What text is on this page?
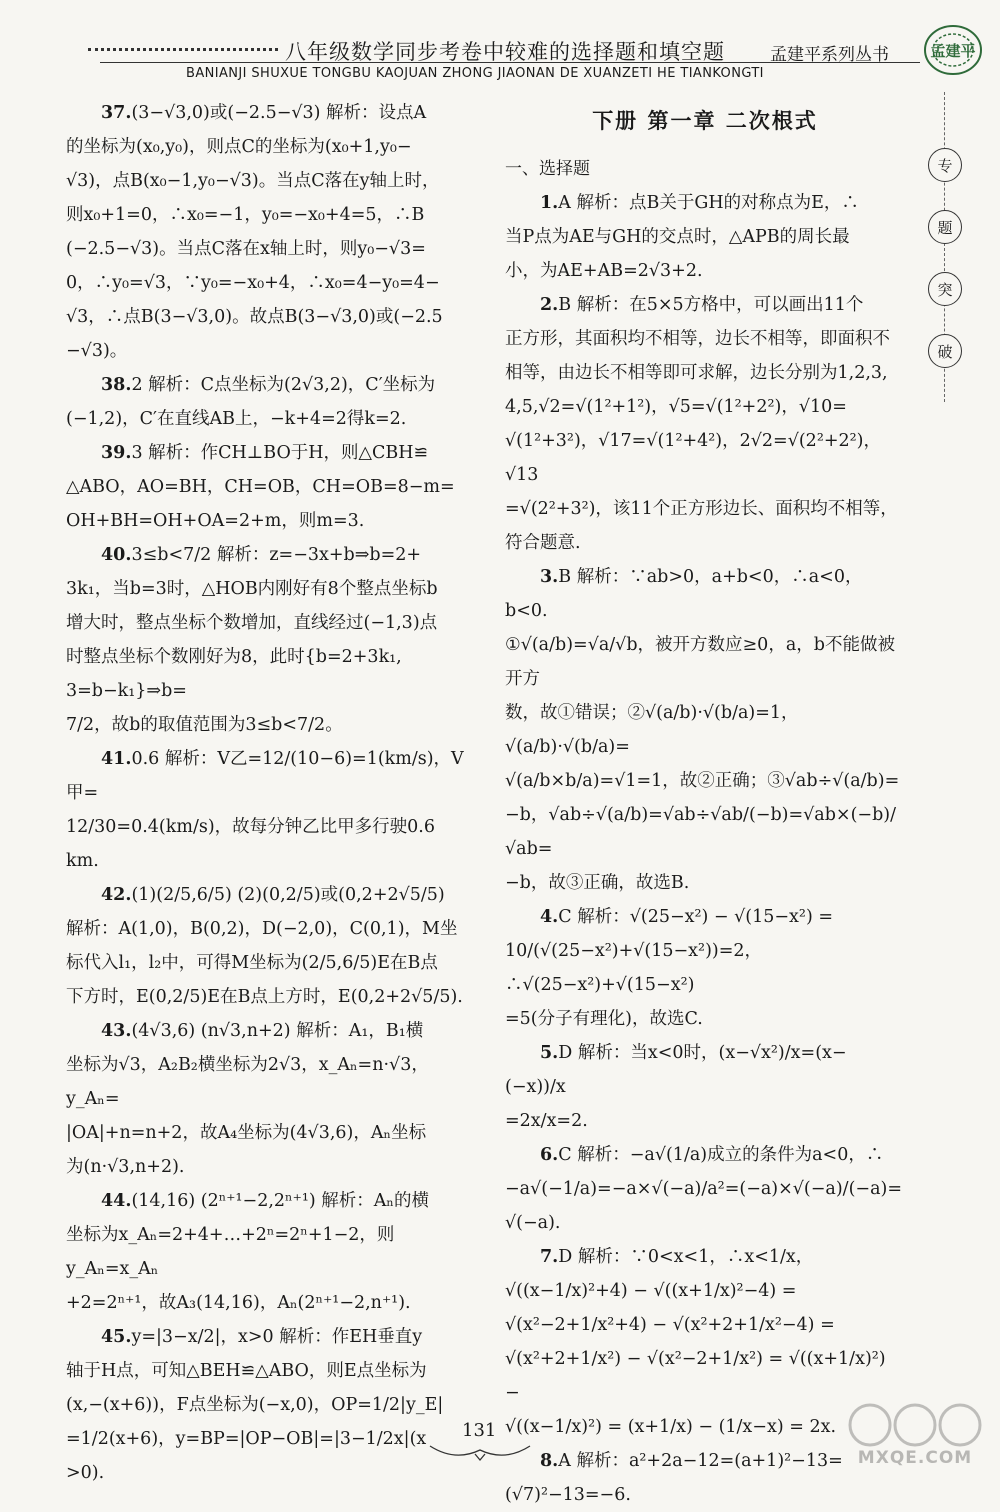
八年级数学同步考卷中较难的选择题和填空题	孟建平系列丛书
BANIANJI SHUXUE TONGBU KAOJUAN ZHONG JIAONAN DE XUANZETI HE TIANKONGTI
孟建平
专
题
突
破

37.(3−√3,0)或(−2.5−√3) 解析：设点A

的坐标为(x₀,y₀)，则点C的坐标为(x₀+1,y₀−

√3)，点B(x₀−1,y₀−√3)。当点C落在y轴上时，

则x₀+1=0，∴x₀=−1，y₀=−x₀+4=5，∴B

(−2.5−√3)。当点C落在x轴上时，则y₀−√3=

0，∴y₀=√3，∵y₀=−x₀+4，∴x₀=4−y₀=4−

√3，∴点B(3−√3,0)。故点B(3−√3,0)或(−2.5

−√3)。

38.2 解析：C点坐标为(2√3,2)，C′坐标为

(−1,2)，C′在直线AB上，−k+4=2得k=2.

39.3 解析：作CH⊥BO于H，则△CBH≌

△ABO，AO=BH，CH=OB，CH=OB=8−m=

OH+BH=OH+OA=2+m，则m=3.

40.3≤b<7/2 解析：z=−3x+b⇒b=2+

3k₁，当b=3时，△HOB内刚好有8个整点坐标b

增大时，整点坐标个数增加，直线经过(−1,3)点

时整点坐标个数刚好为8，此时{b=2+3k₁, 3=b−k₁}⇒b=

7/2，故b的取值范围为3≤b<7/2。

41.0.6 解析：V乙=12/(10−6)=1(km/s)，V甲=

12/30=0.4(km/s)，故每分钟乙比甲多行驶0.6 km.

42.(1)(2/5,6/5) (2)(0,2/5)或(0,2+2√5/5)

解析：A(1,0)，B(0,2)，D(−2,0)，C(0,1)，M坐

标代入l₁，l₂中，可得M坐标为(2/5,6/5)E在B点

下方时，E(0,2/5)E在B点上方时，E(0,2+2√5/5).

43.(4√3,6) (n√3,n+2) 解析：A₁，B₁横

坐标为√3，A₂B₂横坐标为2√3，x_Aₙ=n·√3，y_Aₙ=

|OA|+n=n+2，故A₄坐标为(4√3,6)，Aₙ坐标

为(n·√3,n+2).

44.(14,16) (2ⁿ⁺¹−2,2ⁿ⁺¹) 解析：Aₙ的横

坐标为x_Aₙ=2+4+…+2ⁿ=2ⁿ+1−2，则y_Aₙ=x_Aₙ

+2=2ⁿ⁺¹，故A₃(14,16)，Aₙ(2ⁿ⁺¹−2,n⁺¹).

45.y=|3−x/2|，x>0 解析：作EH垂直y

轴于H点，可知△BEH≌△ABO，则E点坐标为

(x,−(x+6))，F点坐标为(−x,0)，OP=1/2|y_E|

=1/2(x+6)，y=BP=|OP−OB|=|3−1/2x|(x

>0).

下册 第一章 二次根式
一、选择题

1.A 解析：点B关于GH的对称点为E，∴

当P点为AE与GH的交点时，△APB的周长最

小，为AE+AB=2√3+2.

2.B 解析：在5×5方格中，可以画出11个

正方形，其面积均不相等，边长不相等，即面积不

相等，由边长不相等即可求解，边长分别为1,2,3,

4,5,√2=√(1²+1²)，√5=√(1²+2²)，√10=

√(1²+3²)，√17=√(1²+4²)，2√2=√(2²+2²)，√13

=√(2²+3²)，该11个正方形边长、面积均不相等，

符合题意.

3.B 解析：∵ab>0，a+b<0，∴a<0，b<0.

①√(a/b)=√a/√b，被开方数应≥0，a，b不能做被开方

数，故①错误；②√(a/b)·√(b/a)=1，√(a/b)·√(b/a)=

√(a/b×b/a)=√1=1，故②正确；③√ab÷√(a/b)=

−b，√ab÷√(a/b)=√ab÷√ab/(−b)=√ab×(−b)/√ab=

−b，故③正确，故选B.

4.C 解析：√(25−x²) − √(15−x²) =

10/(√(25−x²)+√(15−x²))=2，∴√(25−x²)+√(15−x²)

=5(分子有理化)，故选C.

5.D 解析：当x<0时，(x−√x²)/x=(x−(−x))/x

=2x/x=2.

6.C 解析：−a√(1/a)成立的条件为a<0，∴

−a√(−1/a)=−a×√(−a)/a²=(−a)×√(−a)/(−a)=

√(−a).

7.D 解析：∵0<x<1，∴x<1/x，

√((x−1/x)²+4) − √((x+1/x)²−4) =

√(x²−2+1/x²+4) − √(x²+2+1/x²−4) =

√(x²+2+1/x²) − √(x²−2+1/x²) = √((x+1/x)²) −

√((x−1/x)²) = (x+1/x) − (1/x−x) = 2x.

8.A 解析：a²+2a−12=(a+1)²−13=

(√7)²−13=−6.

131
MXQE.COM
